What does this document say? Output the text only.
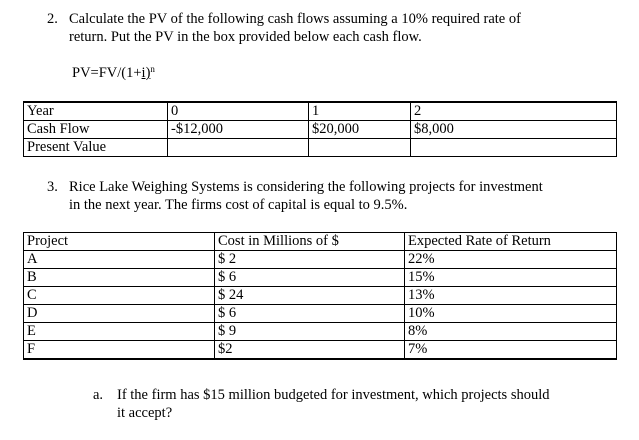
2. Calculate the PV of the following cash flows assuming a 10% required rate of
return. Put the PV in the box provided below each cash flow.
$PV=FV/(1+i)^n$
Year	0	1	2
Cash Flow	-$12,000	$20,000	$8,000
Present Value			
3. Rice Lake Weighing Systems is considering the following projects for investment
in the next year. The firms cost of capital is equal to 9.5%.
Project	Cost in Millions of $	Expected Rate of Return
A	$ 2	22%
B	$ 6	15%
C	$ 24	13%
D	$ 6	10%
E	$ 9	8%
F	$2	7%
a. If the firm has $15 million budgeted for investment, which projects should
it accept?
